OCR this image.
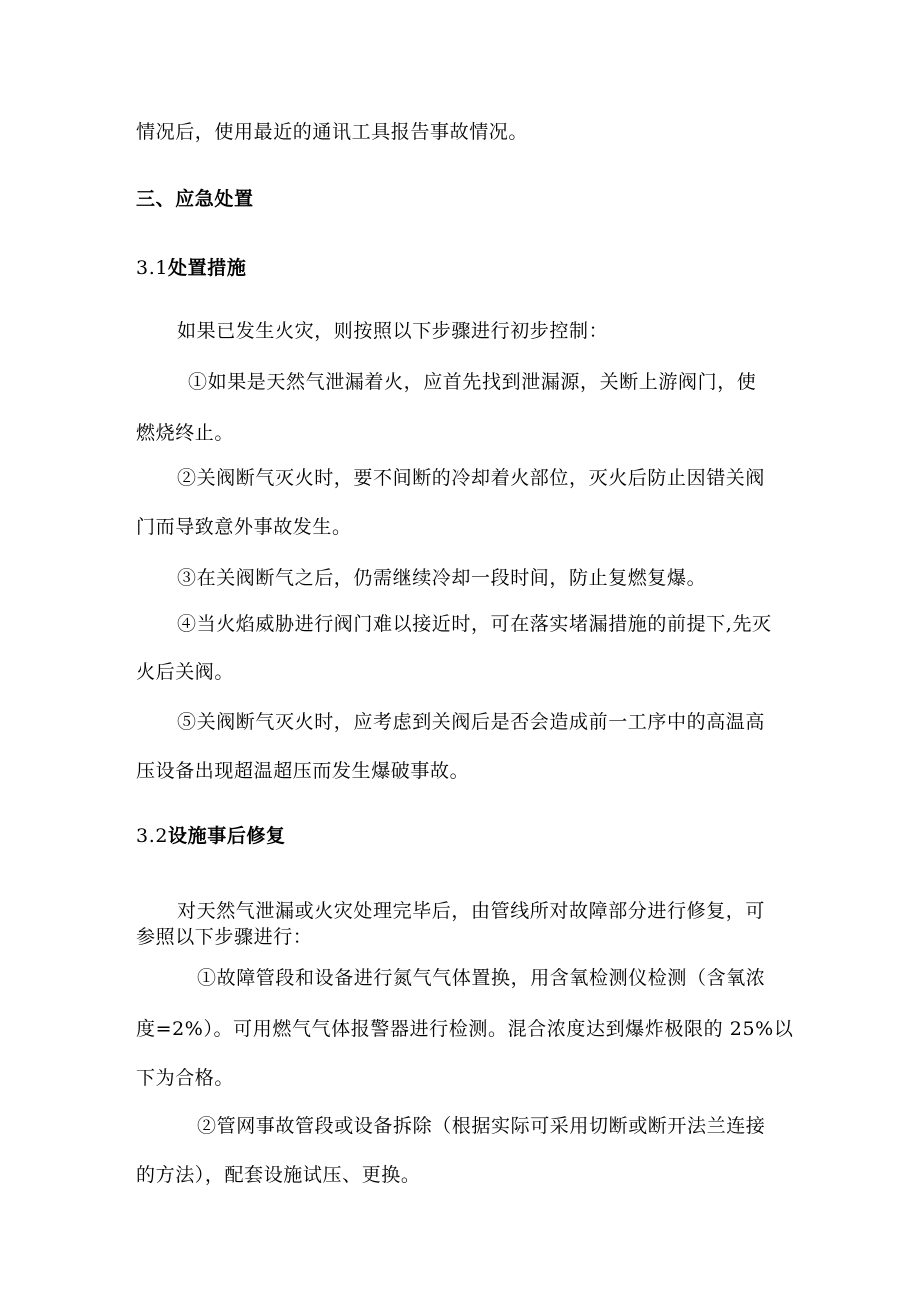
情况后，使用最近的通讯工具报告事故情况。
三、应急处置
3.1处置措施
如果已发生火灾，则按照以下步骤进行初步控制：
①如果是天然气泄漏着火，应首先找到泄漏源，关断上游阀门，使
燃烧终止。
②关阀断气灭火时，要不间断的冷却着火部位，灭火后防止因错关阀
门而导致意外事故发生。
③在关阀断气之后，仍需继续冷却一段时间，防止复燃复爆。
④当火焰威胁进行阀门难以接近时，可在落实堵漏措施的前提下,先灭
火后关阀。
⑤关阀断气灭火时，应考虑到关阀后是否会造成前一工序中的高温高
压设备出现超温超压而发生爆破事故。
3.2设施事后修复
对天然气泄漏或火灾处理完毕后，由管线所对故障部分进行修复，可
参照以下步骤进行：
①故障管段和设备进行氮气气体置换，用含氧检测仪检测（含氧浓
度=2%）。可用燃气气体报警器进行检测。混合浓度达到爆炸极限的 25%以
下为合格。
②管网事故管段或设备拆除（根据实际可采用切断或断开法兰连接
的方法），配套设施试压、更换。
